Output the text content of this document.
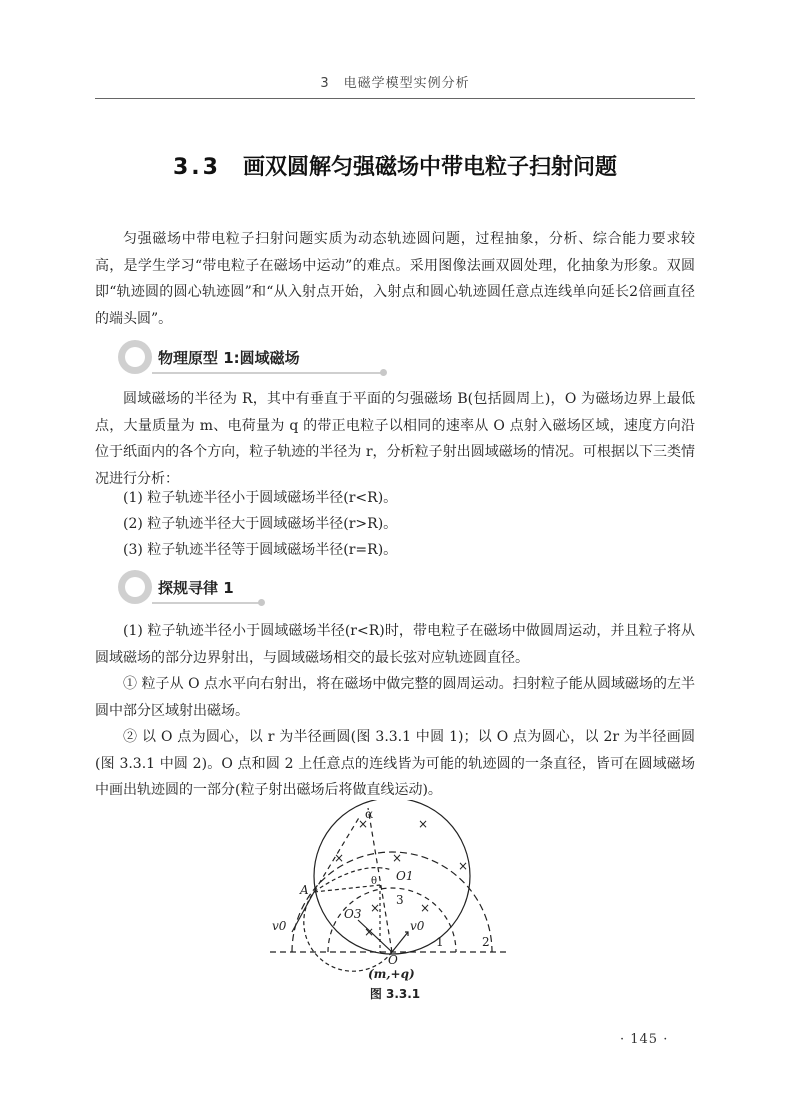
3　电磁学模型实例分析
3.3 画双圆解匀强磁场中带电粒子扫射问题

匀强磁场中带电粒子扫射问题实质为动态轨迹圆问题，过程抽象，分析、综合能力要求较高，是学生学习“带电粒子在磁场中运动”的难点。采用图像法画双圆处理，化抽象为形象。双圆即“轨迹圆的圆心轨迹圆”和“从入射点开始，入射点和圆心轨迹圆任意点连线单向延长2倍画直径的端头圆”。

物理原型 1:圆域磁场

圆域磁场的半径为 R，其中有垂直于平面的匀强磁场 B(包括圆周上)，O 为磁场边界上最低点，大量质量为 m、电荷量为 q 的带正电粒子以相同的速率从 O 点射入磁场区域，速度方向沿位于纸面内的各个方向，粒子轨迹的半径为 r，分析粒子射出圆域磁场的情况。可根据以下三类情况进行分析：

(1) 粒子轨迹半径小于圆域磁场半径(r<R)。

(2) 粒子轨迹半径大于圆域磁场半径(r>R)。

(3) 粒子轨迹半径等于圆域磁场半径(r=R)。

探规寻律 1

(1) 粒子轨迹半径小于圆域磁场半径(r<R)时，带电粒子在磁场中做圆周运动，并且粒子将从圆域磁场的部分边界射出，与圆域磁场相交的最长弦对应轨迹圆直径。

① 粒子从 O 点水平向右射出，将在磁场中做完整的圆周运动。扫射粒子能从圆域磁场的左半圆中部分区域射出磁场。

② 以 O 点为圆心，以 r 为半径画圆(图 3.3.1 中圆 1)；以 O 点为圆心，以 2r 为半径画圆(图 3.3.1 中圆 2)。O 点和圆 2 上任意点的连线皆为可能的轨迹圆的一条直径，皆可在圆域磁场中画出轨迹圆的一部分(粒子射出磁场后将做直线运动)。

α
θ O1
O3
A
v0	v0
1	2
3
O
(m,+q)
×	×
×	×
×
×	×
×
图 3.3.1
· 145 ·
